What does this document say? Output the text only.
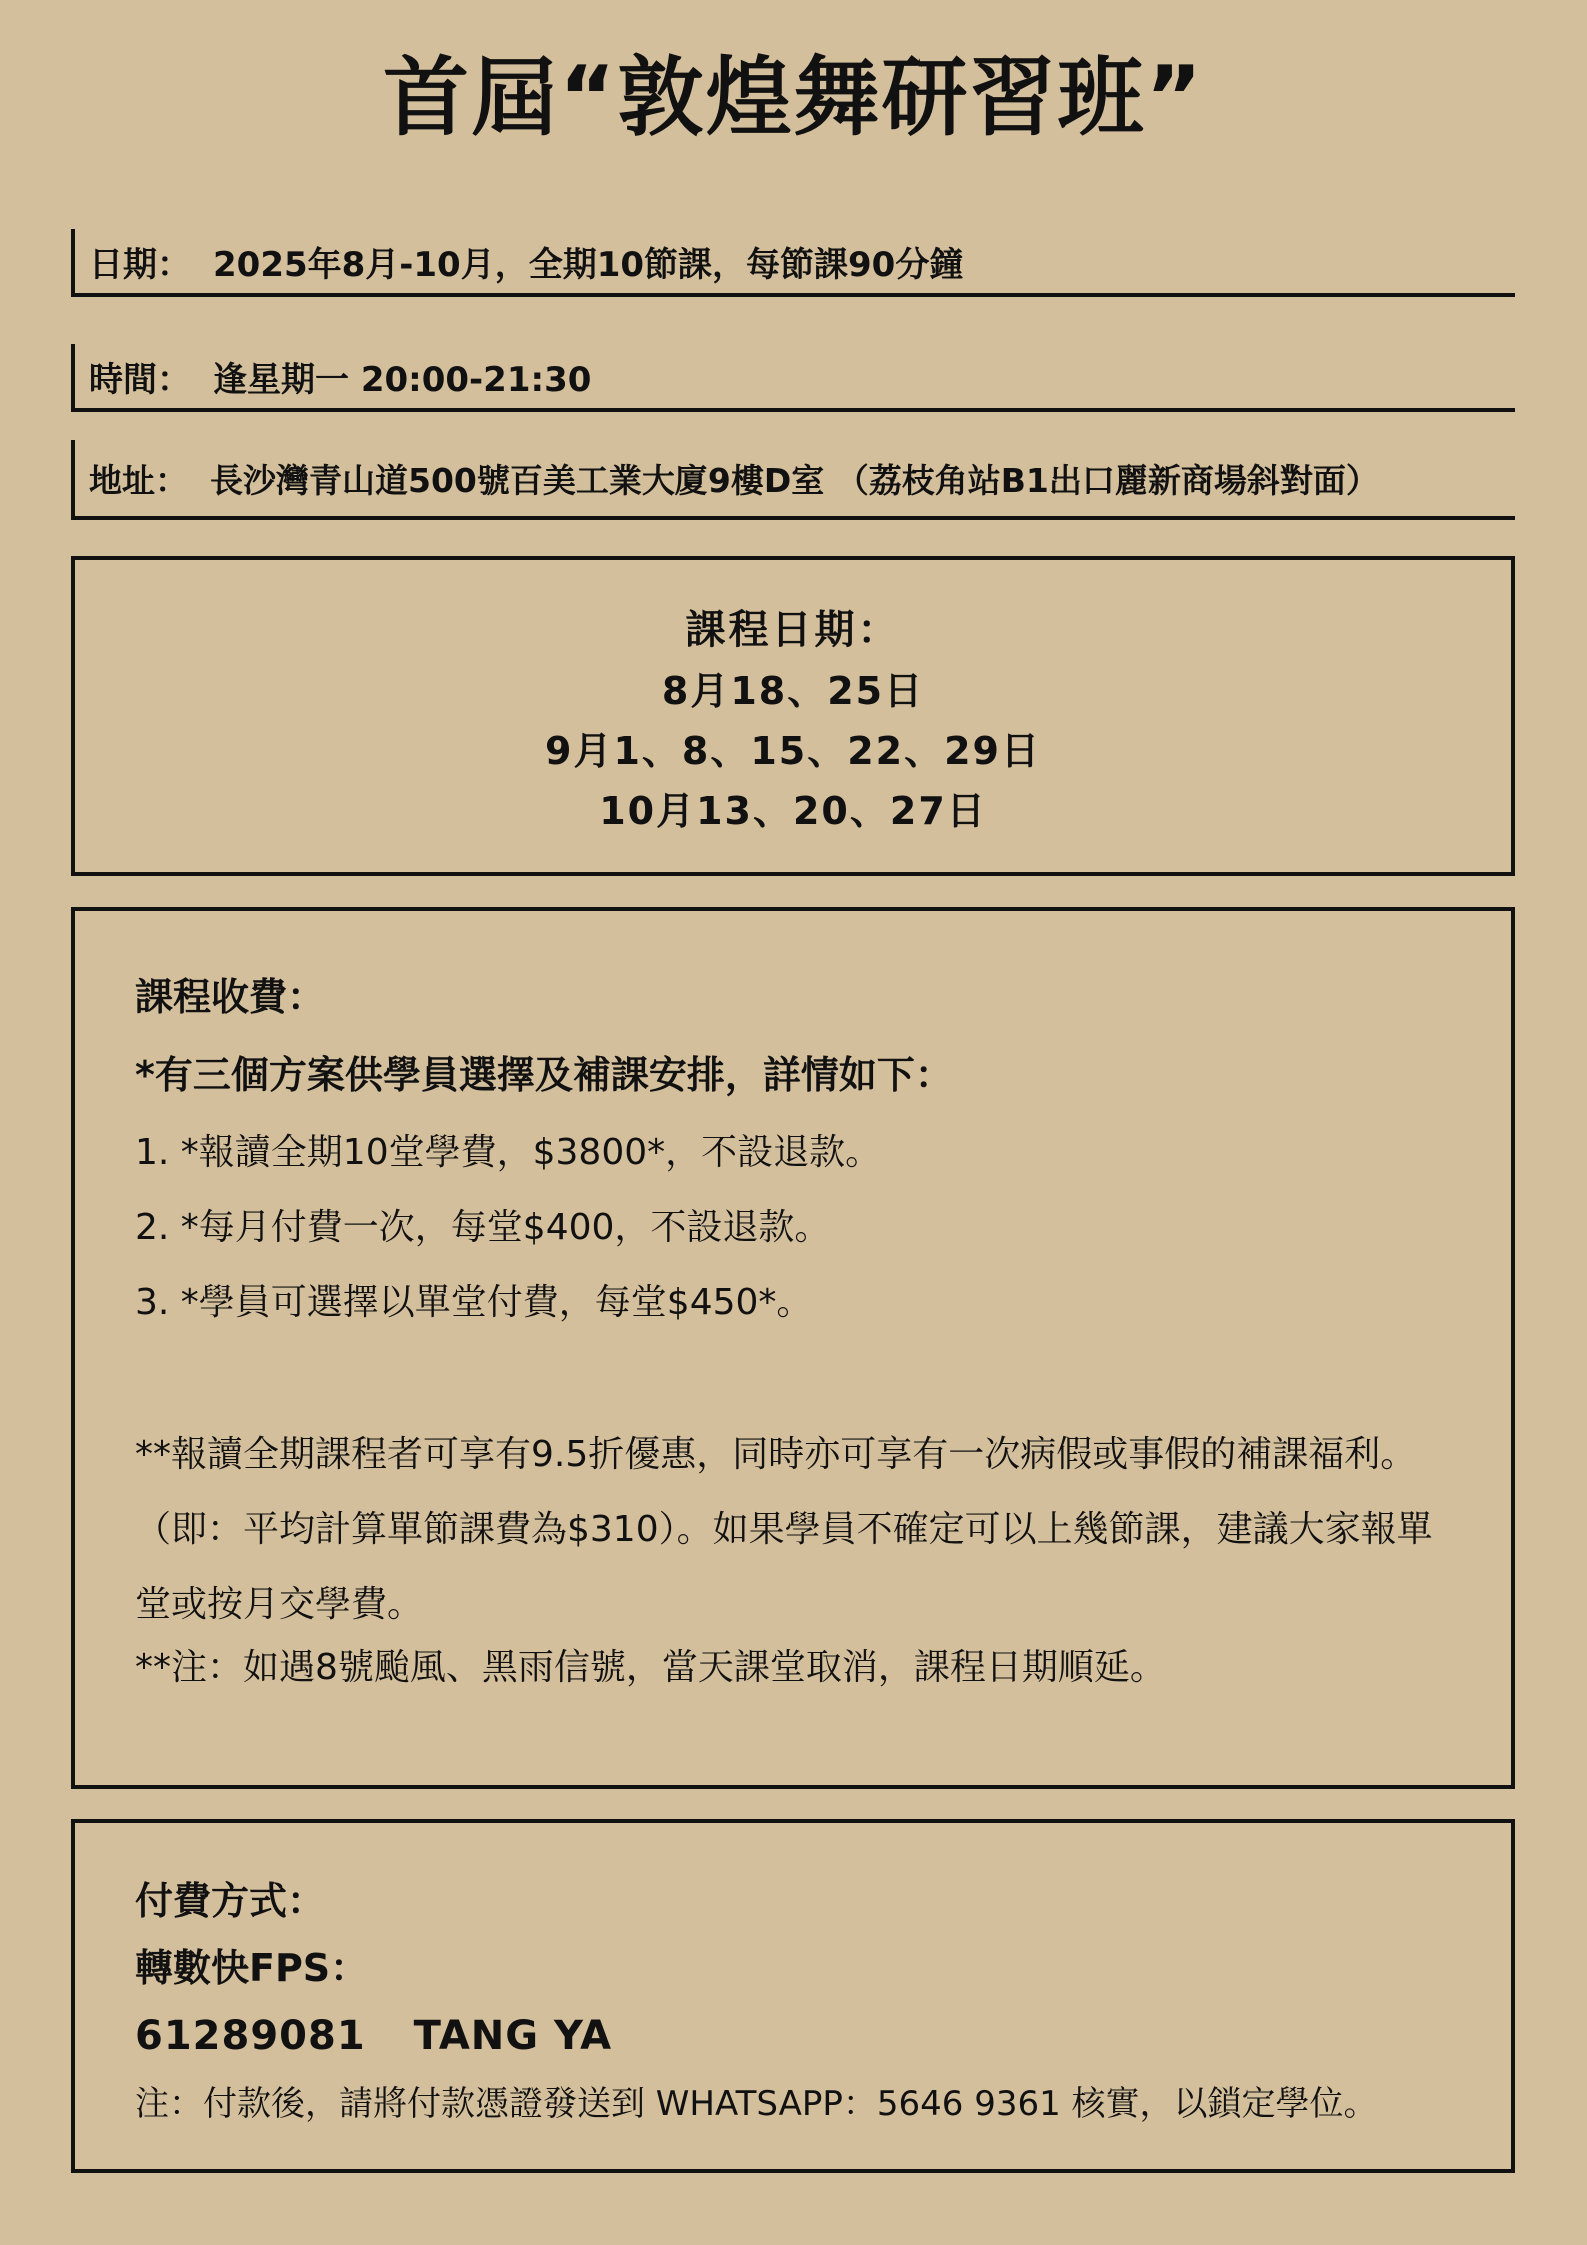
首屆“敦煌舞研習班”
日期： 2025年8月-10月，全期10節課，每節課90分鐘
時間： 逢星期一 20:00-21:30
地址： 長沙灣青山道500號百美工業大廈9樓D室 （荔枝角站B1出口麗新商場斜對面）
課程日期：
8月18、25日
9月1、8、15、22、29日
10月13、20、27日
課程收費：
*有三個方案供學員選擇及補課安排，詳情如下：
1. *報讀全期10堂學費，$3800*，不設退款。
2. *每月付費一次，每堂$400，不設退款。
3. *學員可選擇以單堂付費，每堂$450*。
**報讀全期課程者可享有9.5折優惠，同時亦可享有一次病假或事假的補課福利。（即：平均計算單節課費為$310）。如果學員不確定可以上幾節課，建議大家報單堂或按月交學費。
**注：如遇8號颱風、黑雨信號，當天課堂取消，課程日期順延。
付費方式：
轉數快FPS：
61289081 TANG YA
注：付款後，請將付款憑證發送到 WHATSAPP：5646 9361 核實，以鎖定學位。
